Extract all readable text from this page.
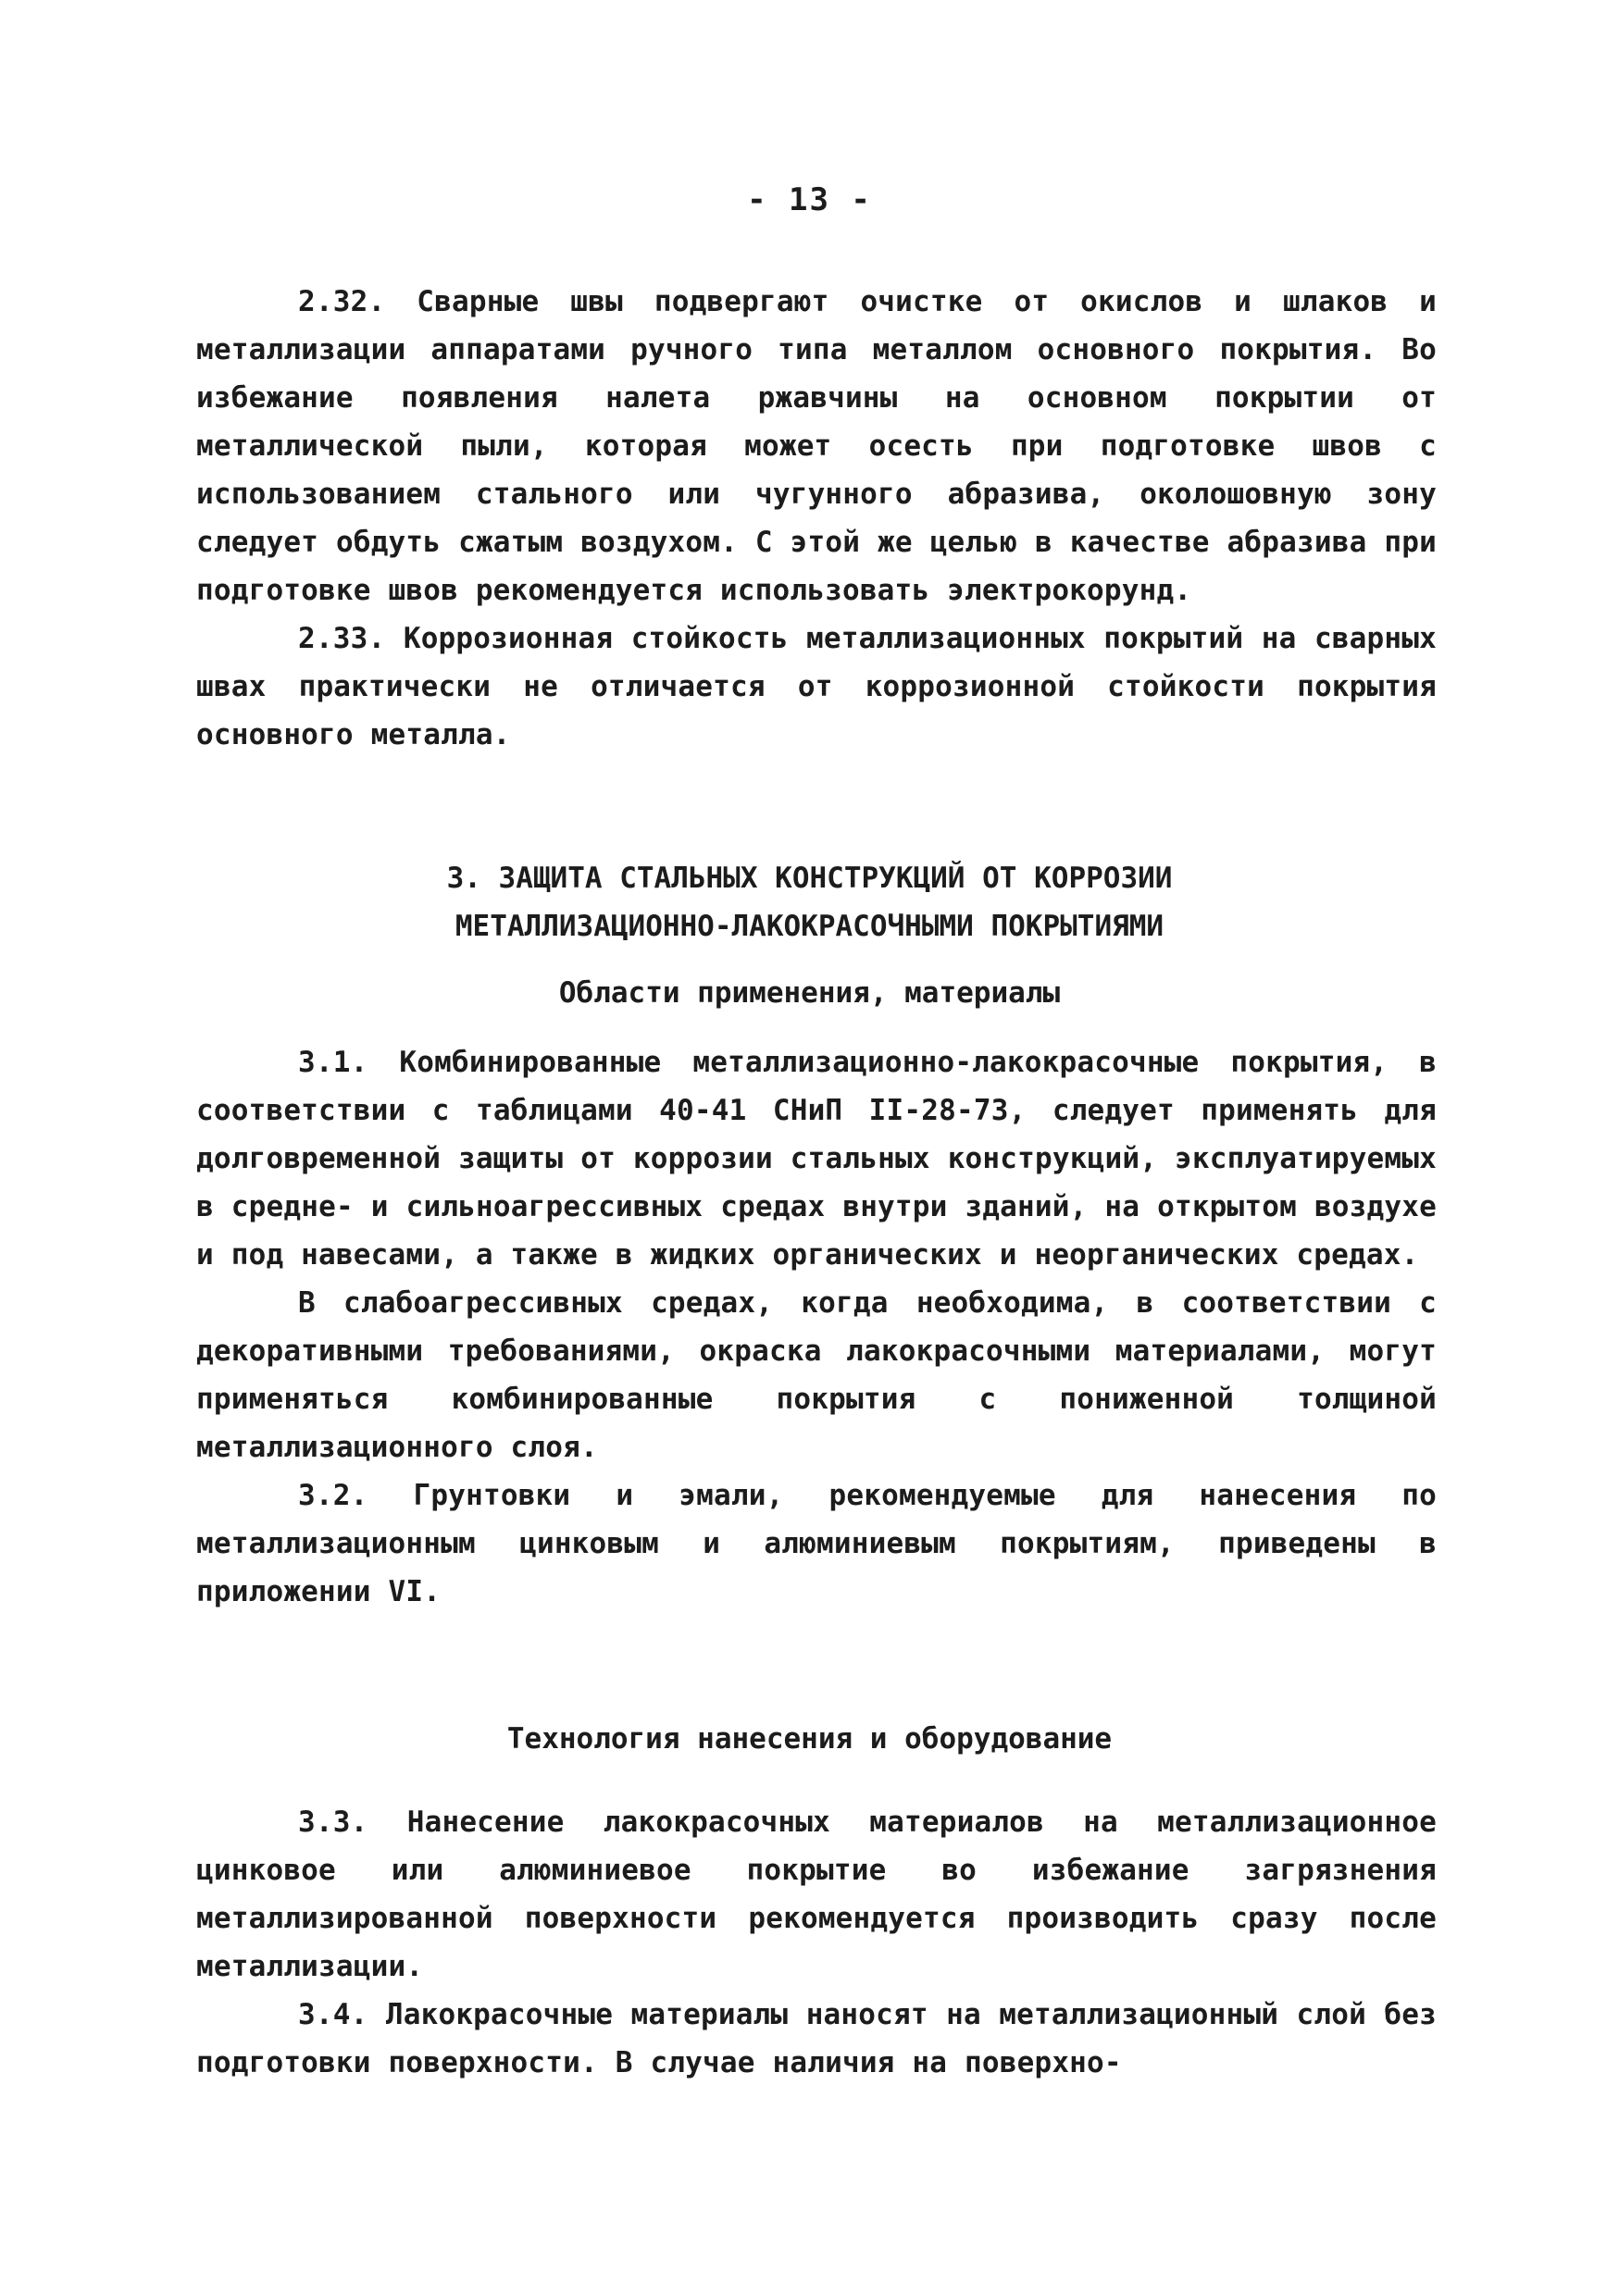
- 13 -

2.32. Сварные швы подвергают очистке от окислов и шлаков и металлизации аппаратами ручного типа металлом основного покрытия. Во избежание появления налета ржавчины на основном покрытии от металлической пыли, которая может осесть при подготовке швов с использованием стального или чугунного абразива, околошовную зону следует обдуть сжатым воздухом. С этой же целью в качестве абразива при подготовке швов рекомендуется использовать электрокорунд.

2.33. Коррозионная стойкость металлизационных покрытий на сварных швах практически не отличается от коррозионной стойкости покрытия основного металла.

3. ЗАЩИТА СТАЛЬНЫХ КОНСТРУКЦИЙ ОТ КОРРОЗИИ
МЕТАЛЛИЗАЦИОННО-ЛАКОКРАСОЧНЫМИ ПОКРЫТИЯМИ
Области применения, материалы

3.1. Комбинированные металлизационно-лакокрасочные покрытия, в соответствии с таблицами 40-41 СНиП II-28-73, следует применять для долговременной защиты от коррозии стальных конструкций, эксплуатируемых в средне- и сильноагрессивных средах внутри зданий, на открытом воздухе и под навесами, а также в жидких органических и неорганических средах.

В слабоагрессивных средах, когда необходима, в соответствии с декоративными требованиями, окраска лакокрасочными материалами, могут применяться комбинированные покрытия с пониженной толщиной металлизационного слоя.

3.2. Грунтовки и эмали, рекомендуемые для нанесения по металлизационным цинковым и алюминиевым покрытиям, приведены в приложении VI.

Технология нанесения и оборудование

3.3. Нанесение лакокрасочных материалов на металлизационное цинковое или алюминиевое покрытие во избежание загрязнения металлизированной поверхности рекомендуется производить сразу после металлизации.

3.4. Лакокрасочные материалы наносят на металлизационный слой без подготовки поверхности. В случае наличия на поверхно-
